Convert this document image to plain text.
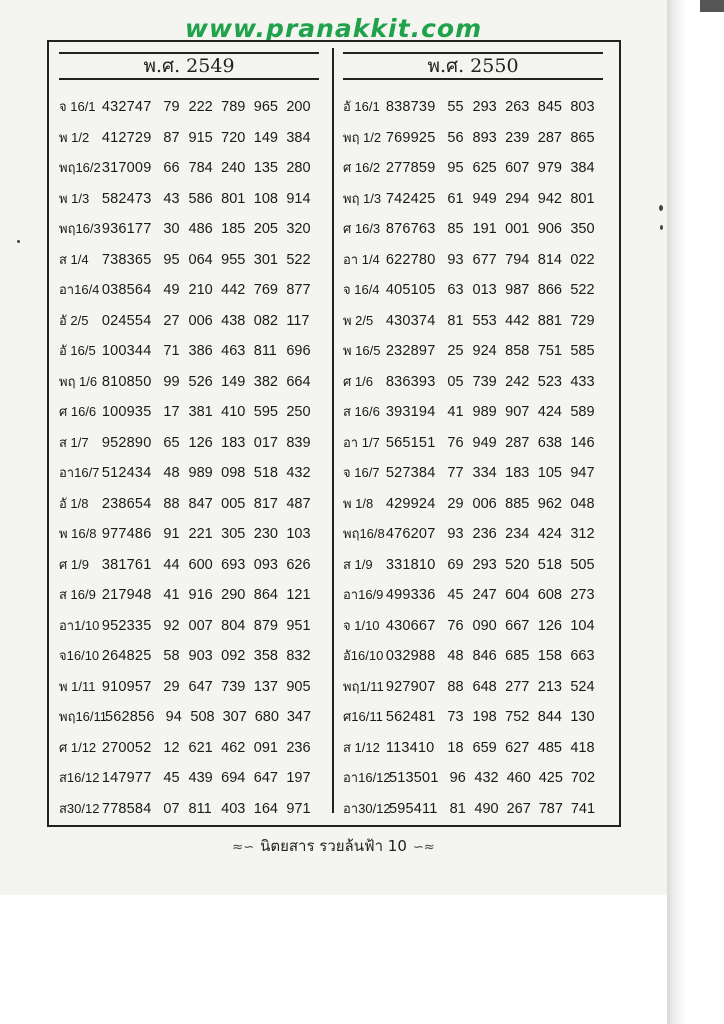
www.pranakkit.com
พ.ศ. 2549
จ 16/1 432747 79 222 789 965 200
พ 1/2 412729 87 915 720 149 384
พฤ16/2 317009 66 784 240 135 280
พ 1/3 582473 43 586 801 108 914
พฤ16/3 936177 30 486 185 205 320
ส 1/4 738365 95 064 955 301 522
อา16/4 038564 49 210 442 769 877
อั 2/5 024554 27 006 438 082 117
อั 16/5 100344 71 386 463 811 696
พฤ 1/6 810850 99 526 149 382 664
ศ 16/6 100935 17 381 410 595 250
ส 1/7 952890 65 126 183 017 839
อา16/7 512434 48 989 098 518 432
อั 1/8 238654 88 847 005 817 487
พ 16/8 977486 91 221 305 230 103
ศ 1/9 381761 44 600 693 093 626
ส 16/9 217948 41 916 290 864 121
อา1/10 952335 92 007 804 879 951
จ16/10 264825 58 903 092 358 832
พ 1/11 910957 29 647 739 137 905
พฤ16/11
562856 94 508 307 680 347
ศ 1/12 270052 12 621 462 091 236
ส16/12 147977 45 439 694 647 197
ส30/12 778584 07 811 403 164 971
พ.ศ. 2550
อั 16/1 838739 55 293 263 845 803
พฤ 1/2 769925 56 893 239 287 865
ศ 16/2 277859 95 625 607 979 384
พฤ 1/3 742425 61 949 294 942 801
ศ 16/3 876763 85 191 001 906 350
อา 1/4 622780 93 677 794 814 022
จ 16/4 405105 63 013 987 866 522
พ 2/5 430374 81 553 442 881 729
พ 16/5 232897 25 924 858 751 585
ศ 1/6 836393 05 739 242 523 433
ส 16/6 393194 41 989 907 424 589
อา 1/7 565151 76 949 287 638 146
จ 16/7 527384 77 334 183 105 947
พ 1/8 429924 29 006 885 962 048
พฤ16/8 476207 93 236 234 424 312
ส 1/9 331810 69 293 520 518 505
อา16/9 499336 45 247 604 608 273
จ 1/10 430667 76 090 667 126 104
อั16/10 032988 48 846 685 158 663
พฤ1/11 927907 88 648 277 213 524
ศ16/11 562481 73 198 752 844 130
ส 1/12 113410 18 659 627 485 418
อา16/12
513501 96 432 460 425 702
อา30/12
595411 81 490 267 787 741
≈∽ นิตยสาร รวยล้นฟ้า 10 ∽≈
